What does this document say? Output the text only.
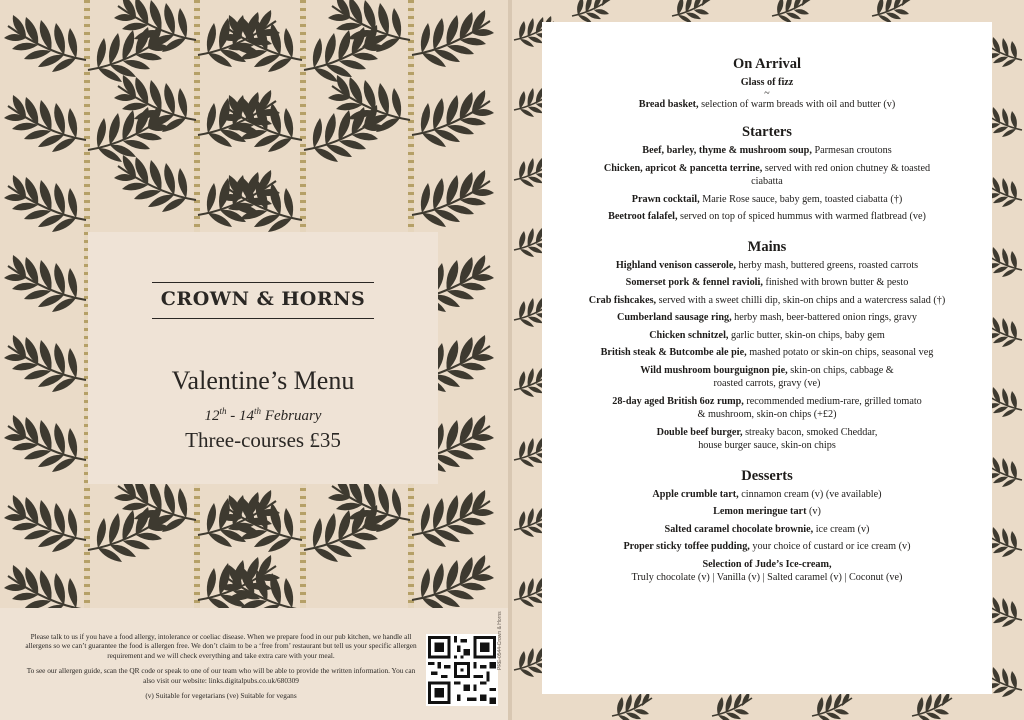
CROWN & HORNS
Valentine’s Menu
12th - 14th February
Three-courses £35

Please talk to us if you have a food allergy, intolerance or coeliac disease. When we prepare food in our pub kitchen, we handle all allergens so we can’t guarantee the food is allergen free. We don’t claim to be a ‘free from’ restaurant but tell us your specific allergen requirement and we will check everything and take extra care with your meal.

To see our allergen guide, scan the QR code or speak to one of our team who will be able to provide the written information. You can also visit our website: links.digitalpubs.co.uk/680309

(v) Suitable for vegetarians (ve) Suitable for vegans

PRE-0544-Crown & Horns
On Arrival

Glass of fizz

~

Bread basket, selection of warm breads with oil and butter (v)

Starters

Beef, barley, thyme & mushroom soup, Parmesan croutons

Chicken, apricot & pancetta terrine, served with red onion chutney & toasted
ciabatta

Prawn cocktail, Marie Rose sauce, baby gem, toasted ciabatta (†)

Beetroot falafel, served on top of spiced hummus with warmed flatbread (ve)

Mains

Highland venison casserole, herby mash, buttered greens, roasted carrots

Somerset pork & fennel ravioli, finished with brown butter & pesto

Crab fishcakes, served with a sweet chilli dip, skin-on chips and a watercress salad (†)

Cumberland sausage ring, herby mash, beer-battered onion rings, gravy

Chicken schnitzel, garlic butter, skin-on chips, baby gem

British steak & Butcombe ale pie, mashed potato or skin-on chips, seasonal veg

Wild mushroom bourguignon pie, skin-on chips, cabbage &
roasted carrots, gravy (ve)

28-day aged British 6oz rump, recommended medium-rare, grilled tomato
& mushroom, skin-on chips (+£2)

Double beef burger, streaky bacon, smoked Cheddar,
house burger sauce, skin-on chips

Desserts

Apple crumble tart, cinnamon cream (v) (ve available)

Lemon meringue tart (v)

Salted caramel chocolate brownie, ice cream (v)

Proper sticky toffee pudding, your choice of custard or ice cream (v)

Selection of Jude’s Ice-cream,
Truly chocolate (v) | Vanilla (v) | Salted caramel (v) | Coconut (ve)
